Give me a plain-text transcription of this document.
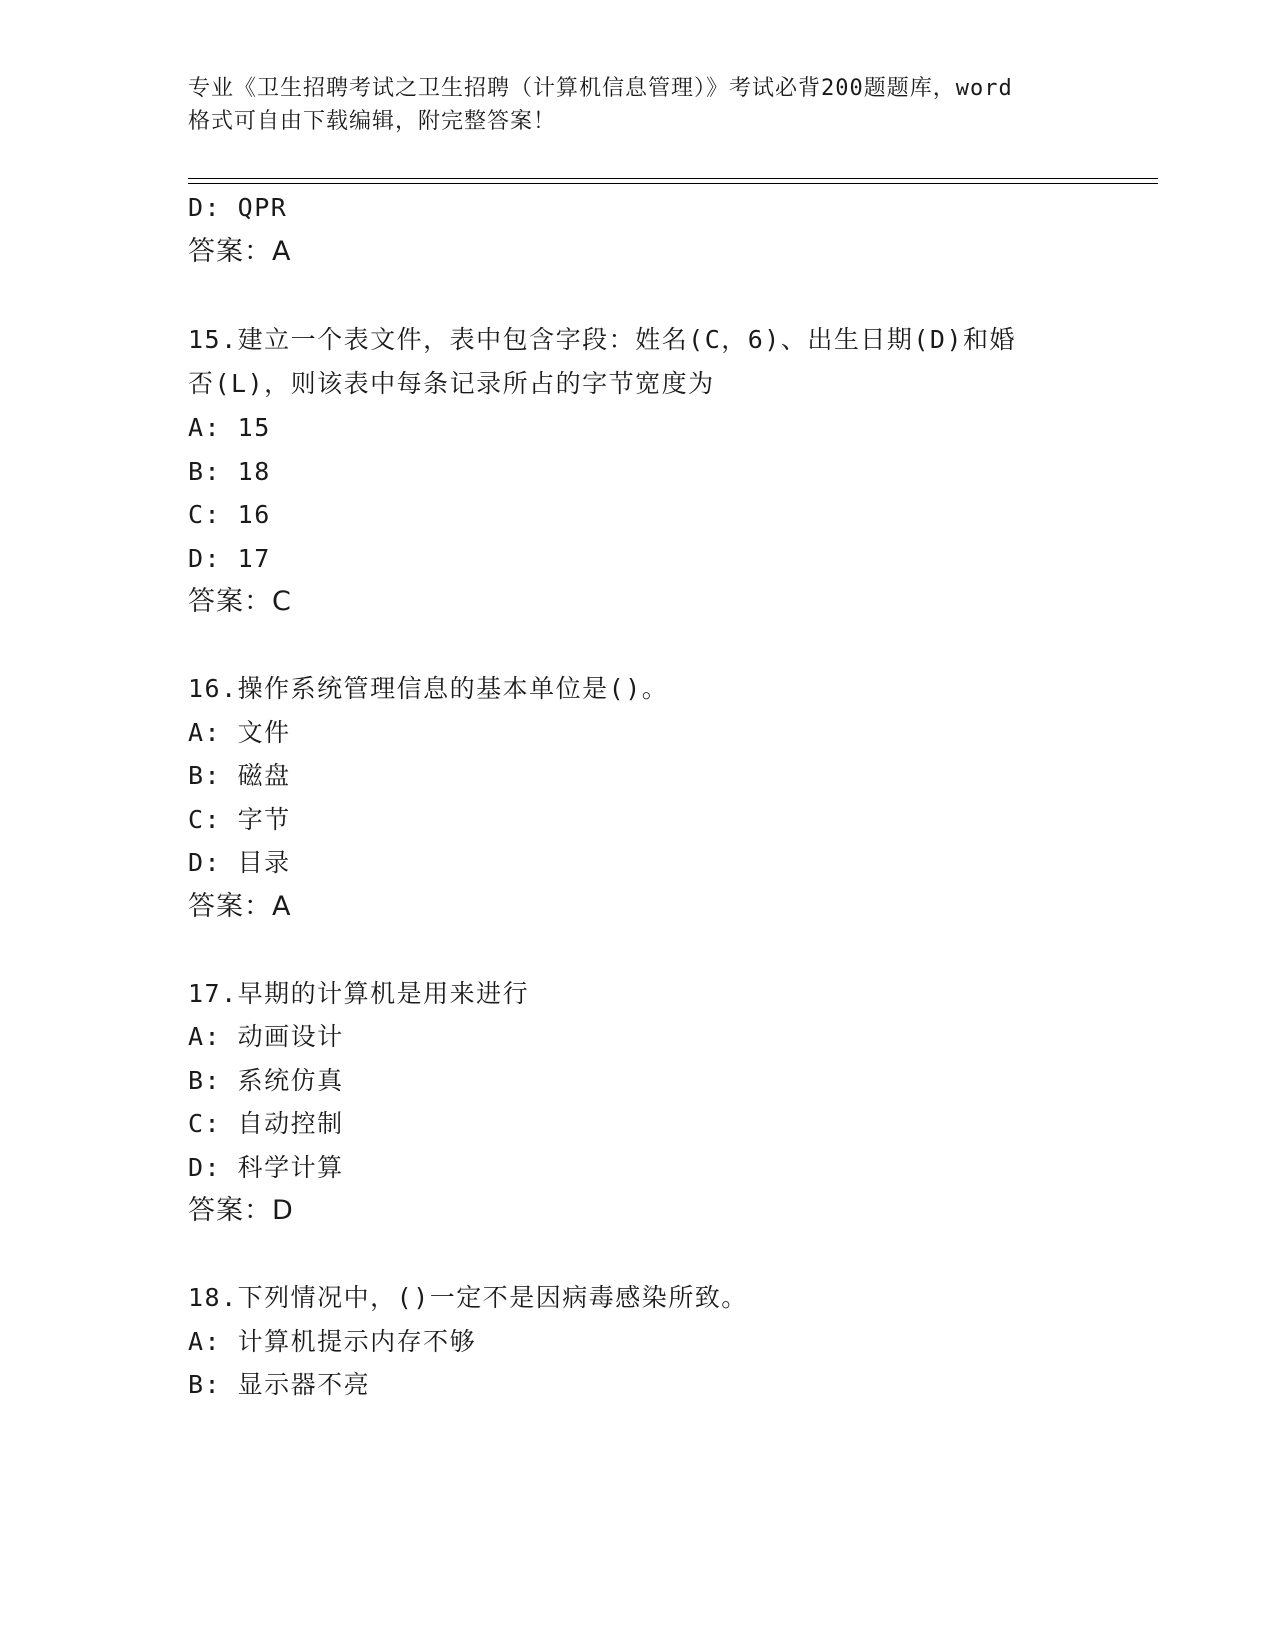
专业《卫生招聘考试之卫生招聘（计算机信息管理）》考试必背200题题库，word
格式可自由下载编辑，附完整答案！
D: QPR
答案：A
15.建立一个表文件，表中包含字段：姓名(C，6)、出生日期(D)和婚
否(L)，则该表中每条记录所占的字节宽度为
A: 15
B: 18
C: 16
D: 17
答案：C
16.操作系统管理信息的基本单位是()。
A: 文件
B: 磁盘
C: 字节
D: 目录
答案：A
17.早期的计算机是用来进行
A: 动画设计
B: 系统仿真
C: 自动控制
D: 科学计算
答案：D
18.下列情况中，()一定不是因病毒感染所致。
A: 计算机提示内存不够
B: 显示器不亮
